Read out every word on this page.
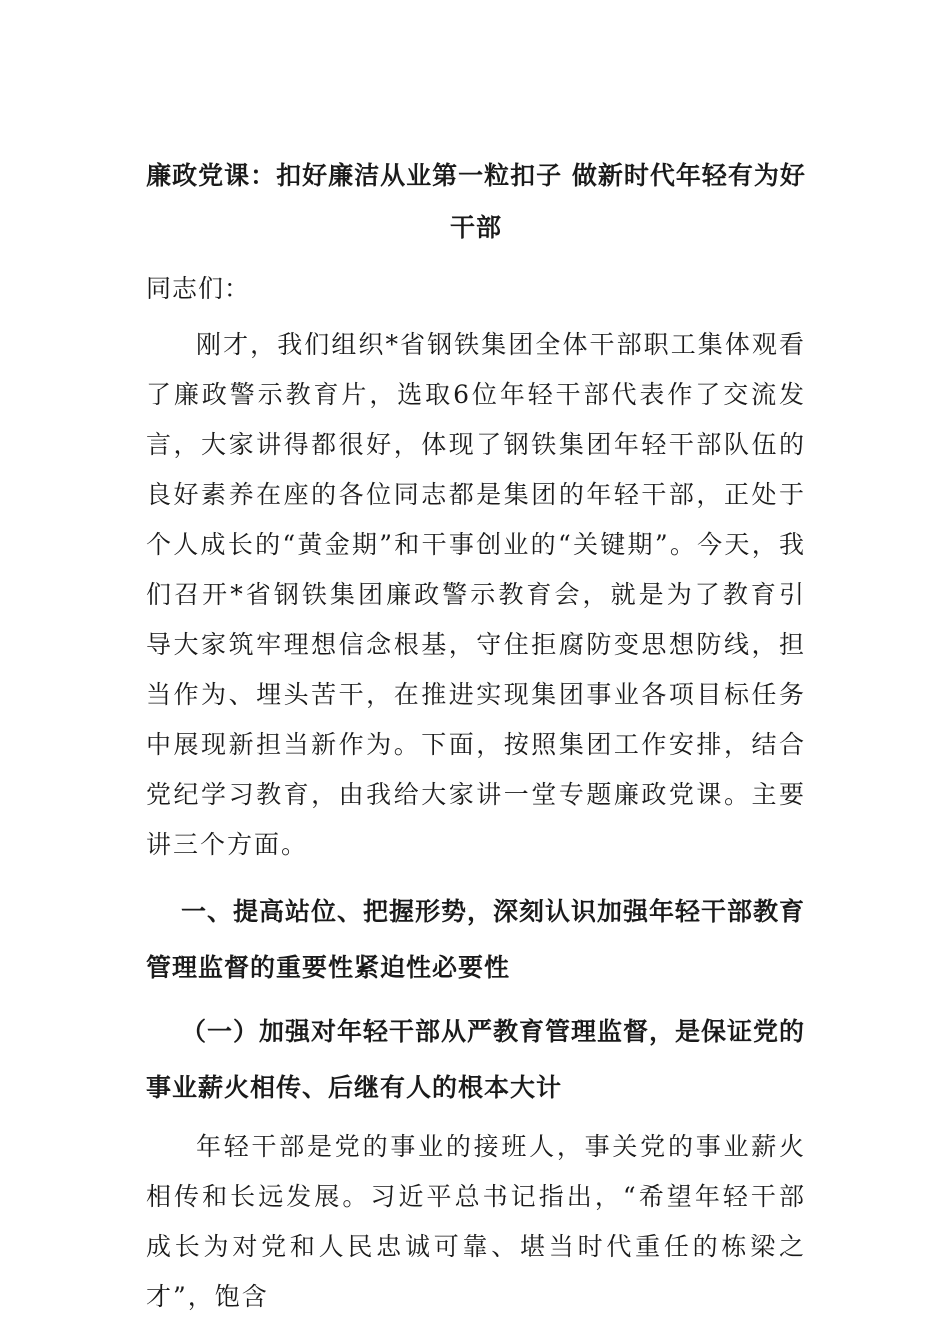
廉政党课：扣好廉洁从业第一粒扣子 做新时代年轻有为好干部

同志们：

刚才，我们组织*省钢铁集团全体干部职工集体观看了廉政警示教育片，选取6位年轻干部代表作了交流发言，大家讲得都很好，体现了钢铁集团年轻干部队伍的良好素养在座的各位同志都是集团的年轻干部，正处于个人成长的“黄金期”和干事创业的“关键期”。今天，我们召开*省钢铁集团廉政警示教育会，就是为了教育引导大家筑牢理想信念根基，守住拒腐防变思想防线，担当作为、埋头苦干，在推进实现集团事业各项目标任务中展现新担当新作为。下面，按照集团工作安排，结合党纪学习教育，由我给大家讲一堂专题廉政党课。主要讲三个方面。

一、提高站位、把握形势，深刻认识加强年轻干部教育管理监督的重要性紧迫性必要性

（一）加强对年轻干部从严教育管理监督，是保证党的事业薪火相传、后继有人的根本大计

年轻干部是党的事业的接班人，事关党的事业薪火相传和长远发展。习近平总书记指出，“希望年轻干部成长为对党和人民忠诚可靠、堪当时代重任的栋梁之才”，饱含
